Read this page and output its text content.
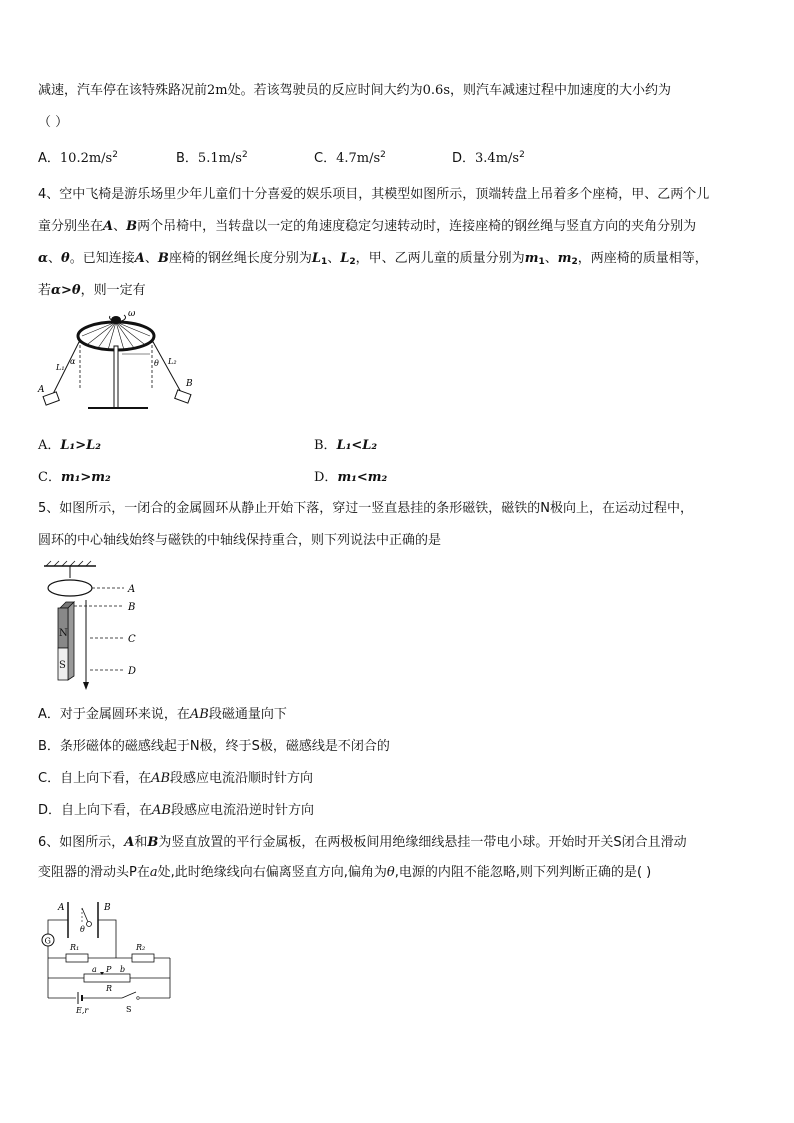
减速，汽车停在该特殊路况前2m处。若该驾驶员的反应时间大约为0.6s，则汽车减速过程中加速度的大小约为
（ ）
A．$10.2m/s^2$	B．$5.1m/s^2$	C．$4.7m/s^2$	D．$3.4m/s^2$
4、空中飞椅是游乐场里少年儿童们十分喜爱的娱乐项目，其模型如图所示，顶端转盘上吊着多个座椅，甲、乙两个儿
童分别坐在A、B两个吊椅中，当转盘以一定的角速度稳定匀速转动时，连接座椅的钢丝绳与竖直方向的夹角分别为
α、θ。已知连接A、B座椅的钢丝绳长度分别为$L_1$、$L_2$，甲、乙两儿童的质量分别为$m_1$、$m_2$，两座椅的质量相等，
若α>θ，则一定有
ω
α
L₁	θ L₂
A
B
A．L₁>L₂	B．L₁<L₂
C．m₁>m₂	D．m₁<m₂
5、如图所示，一闭合的金属圆环从静止开始下落，穿过一竖直悬挂的条形磁铁，磁铁的N极向上，在运动过程中，
圆环的中心轴线始终与磁铁的中轴线保持重合，则下列说法中正确的是
A
N
S
B
C
D
A．对于金属圆环来说，在AB段磁通量向下
B．条形磁体的磁感线起于N极，终于S极，磁感线是不闭合的
C．自上向下看，在AB段感应电流沿顺时针方向
D．自上向下看，在AB段感应电流沿逆时针方向
6、如图所示，A和B为竖直放置的平行金属板，在两极板间用绝缘细线悬挂一带电小球。开始时开关S闭合且滑动
变阻器的滑动头P在a处,此时绝缘线向右偏离竖直方向,偏角为θ,电源的内阻不能忽略,则下列判断正确的是( )
A	B
θ
G
R₁	R₂
a P b
R
E,r	S
